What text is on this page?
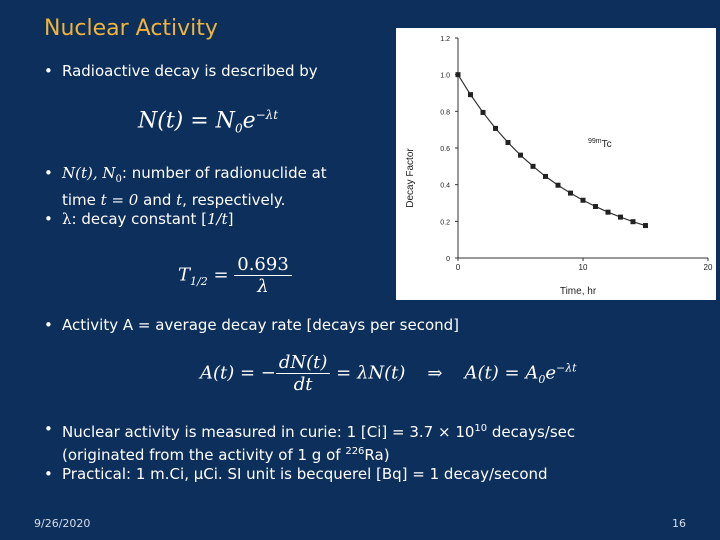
Nuclear Activity
• Radioactive decay is described by
$N(t) = N_0e^{-\lambda t}$
• N(t), $N_0$: number of radionuclide at
time t = 0 and t, respectively.
• λ: decay constant [1/t]
$T_{1/2} = \frac{0.693}{\lambda}$
• Activity A = average decay rate [decays per second]
A(t) = − $\frac{dN(t)}{dt} = \lambda N(t)$ ⇒ $A(t) = A_0e^{-\lambda t}$
• Nuclear activity is measured in curie: 1 $[Ci] = 3.7 \times 10^{10}$ decays/sec
(originated from the activity of 1 g of $^{226}$Ra)
• Practical: 1 m.Ci, μCi. SI unit is becquerel [Bq] = 1 decay/second
0
0.2
0.4
0.6
0.8
1.0
1.2
0	10	20
Time, hr
Decay Factor
$^{99m}$Tc
9/26/2020	16
